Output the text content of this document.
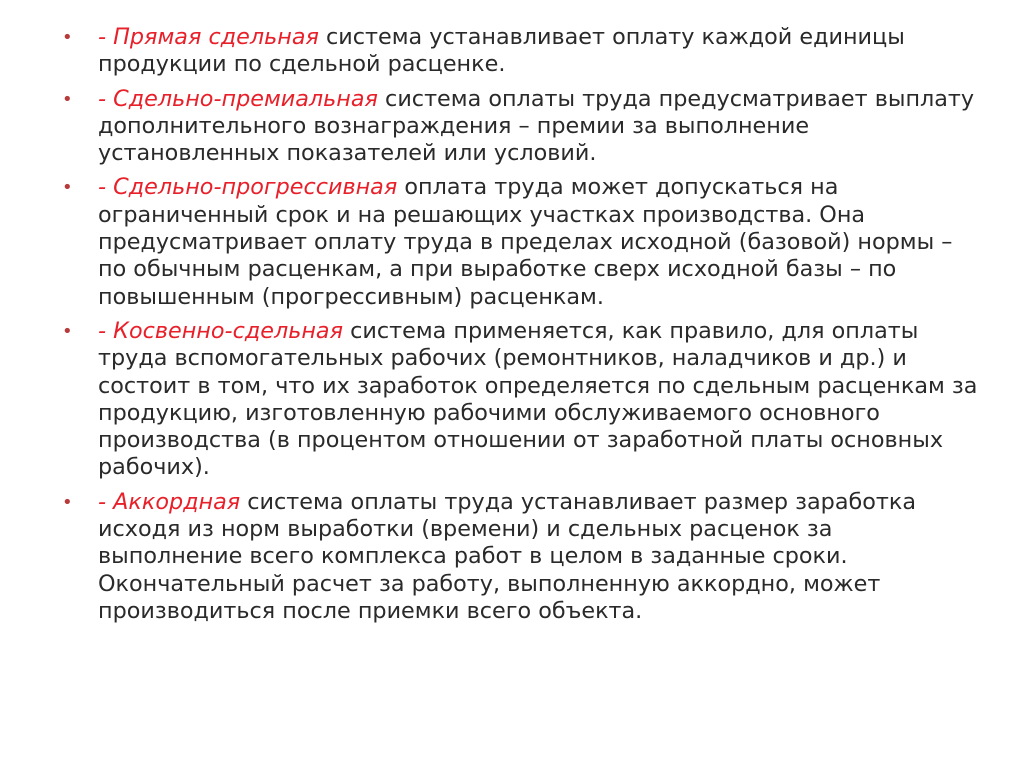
• - Прямая сдельная система устанавливает оплату каждой единицы продукции по сдельной расценке.
• - Сдельно-премиальная система оплаты труда предусматривает выплату дополнительного вознаграждения – премии за выполнение установленных показателей или условий.
• - Сдельно-прогрессивная оплата труда может допускаться на ограниченный срок и на решающих участках производства. Она предусматривает оплату труда в пределах исходной (базовой) нормы – по обычным расценкам, а при выработке сверх исходной базы – по повышенным (прогрессивным) расценкам.
• - Косвенно-сдельная система применяется, как правило, для оплаты труда вспомогательных рабочих (ремонтников, наладчиков и др.) и состоит в том, что их заработок определяется по сдельным расценкам за продукцию, изготовленную рабочими обслуживаемого основного производства (в процентом отношении от заработной платы основных рабочих).
• - Аккордная система оплаты труда устанавливает размер заработка исходя из норм выработки (времени) и сдельных расценок за выполнение всего комплекса работ в целом в заданные сроки. Окончательный расчет за работу, выполненную аккордно, может производиться после приемки всего объекта.
